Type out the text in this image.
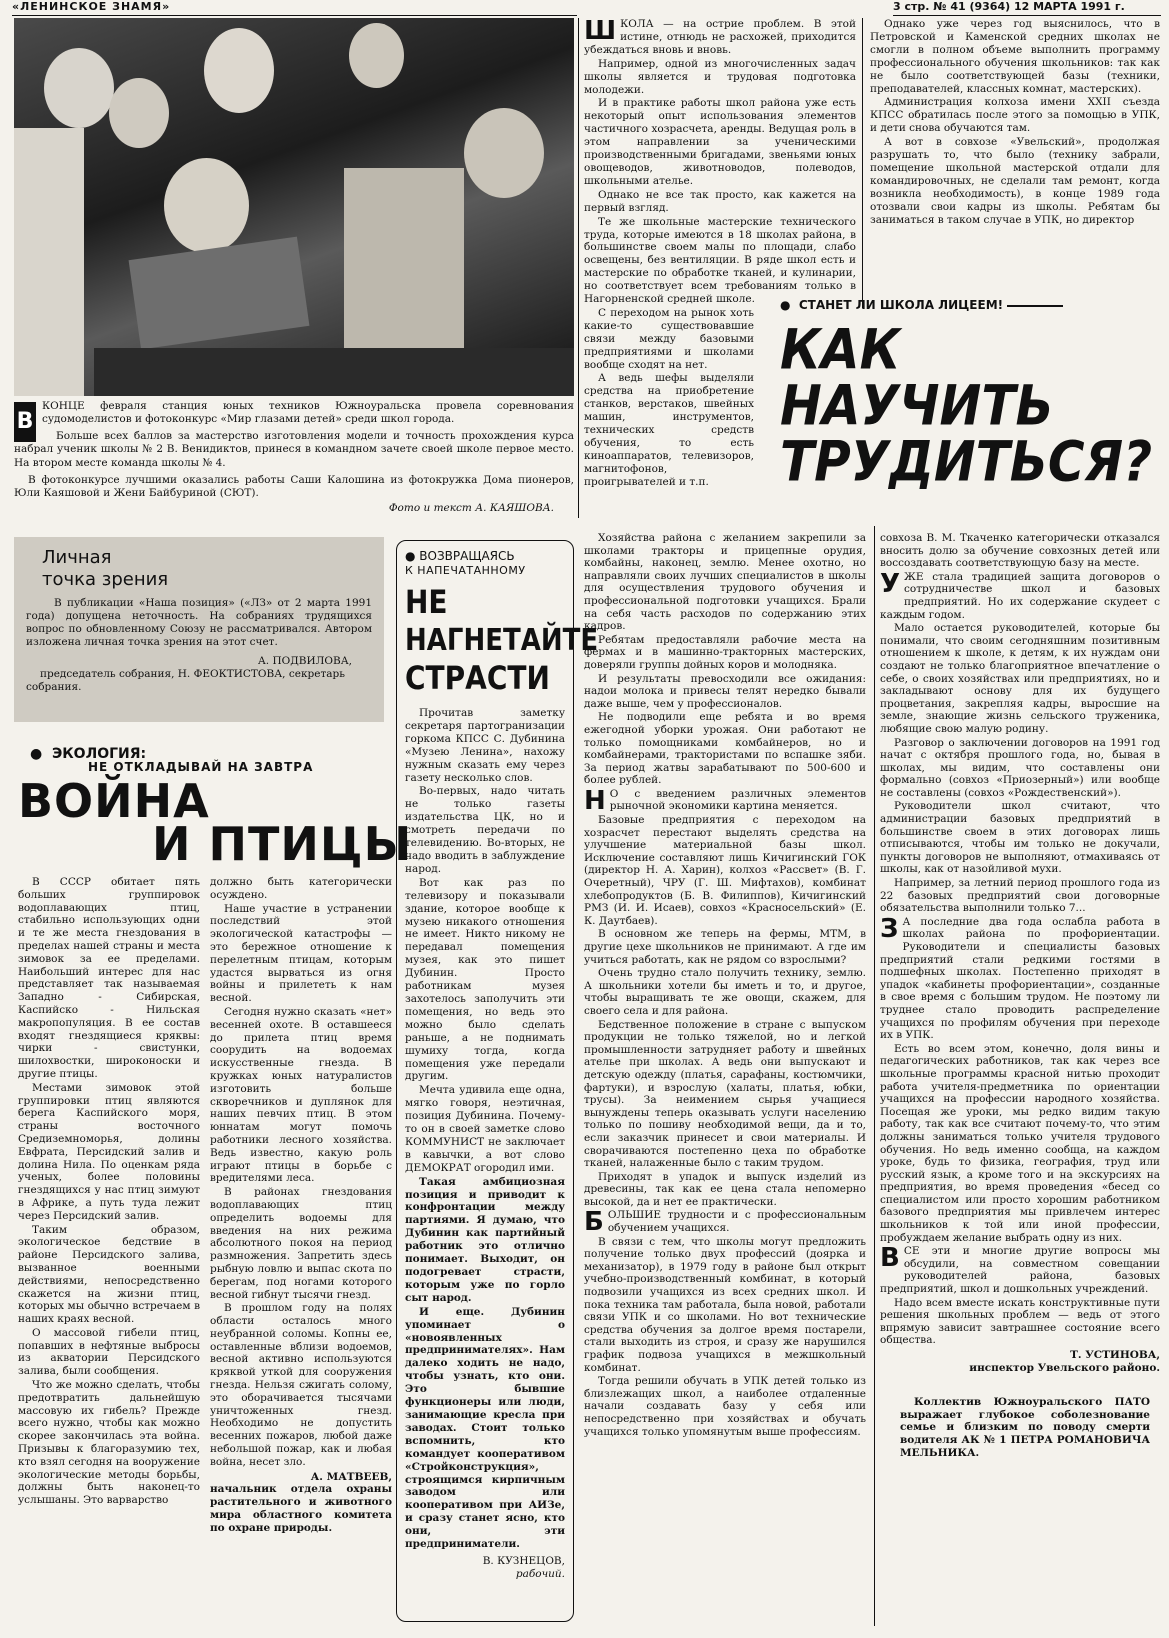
«ЛЕНИНСКОЕ ЗНАМЯ»	3 стр. № 41 (9364) 12 МАРТА 1991 г.
В
КОНЦЕ февраля станция юных техников Южноуральска провела соревнования судомоделистов и фотоконкурс «Мир глазами детей» среди школ города.
Больше всех баллов за мастерство изготовления модели и точность прохождения курса набрал ученик школы № 2 В. Венидиктов, принеся в командном зачете своей школе первое место. На втором месте команда школы № 4.
В фотоконкурсе лучшими оказались работы Саши Калошина из фотокружка Дома пионеров, Юли Каяшовой и Жени Байбуриной (СЮТ).
Фото и текст А. КАЯШОВА.

ШКОЛА — на острие проблем. В этой истине, отнюдь не расхожей, приходится убеждаться вновь и вновь.

Например, одной из многочисленных задач школы является и трудовая подготовка молодежи.

И в практике работы школ района уже есть некоторый опыт использования элементов частичного хозрасчета, аренды. Ведущая роль в этом направлении за ученическими производственными бригадами, звеньями юных овощеводов, животноводов, полеводов, школьными ателье.

Однако не все так просто, как кажется на первый взгляд.

Те же школьные мастерские технического труда, которые имеются в 18 школах района, в большинстве своем малы по площади, слабо освещены, без вентиляции. В ряде школ есть и мастерские по обработке тканей, и кулинарии, но соответствует всем требованиям только в Нагорненской средней школе.

С переходом на рынок хоть какие-то существовавшие связи между базовыми предприятиями и школами вообще сходят на нет.

А ведь шефы выделяли средства на приобретение станков, верстаков, швейных машин, инструментов, технических средств обучения, то есть киноаппаратов, телевизоров, магнитофонов, проигрывателей и т.п.

Однако уже через год выяснилось, что в Петровской и Каменской средних школах не смогли в полном объеме выполнить программу профессионального обучения школьников: так как не было соответствующей базы (техники, преподавателей, классных комнат, мастерских).

Администрация колхоза имени XXII съезда КПСС обратилась после этого за помощью в УПК, и дети снова обучаются там.

А вот в совхозе «Увельский», продолжая разрушать то, что было (технику забрали, помещение школьной мастерской отдали для командировочных, не сделали там ремонт, когда возникла необходимость), в конце 1989 года отозвали свои кадры из школы. Ребятам бы заниматься в таком случае в УПК, но директор

●  СТАНЕТ ЛИ ШКОЛА ЛИЦЕЕМ!
КАК
НАУЧИТЬ
ТРУДИТЬСЯ?
Личная
точка зрения
В публикации «Наша позиция» («ЛЗ» от 2 марта 1991 года) допущена неточность. На собраниях трудящихся вопрос по обновленному Союзу не рассматривался. Автором изложена личная точка зрения на этот счет.
А. ПОДВИЛОВА,
председатель собрания, Н. ФЕОКТИСТОВА, секретарь собрания.
●  ЭКОЛОГИЯ:
НЕ ОТКЛАДЫВАЙ НА ЗАВТРА
ВОЙНА
И ПТИЦЫ

В СССР обитает пять больших группировок водоплавающих птиц, стабильно использующих одни и те же места гнездования в пределах нашей страны и места зимовок за ее пределами. Наибольший интерес для нас представляет так называемая Западно - Сибирская, Каспийско - Нильская макропопуляция. В ее состав входят гнездящиеся кряквы: чирки - свистунки, шилохвостки, широконоски и другие птицы.

Местами зимовок этой группировки птиц являются берега Каспийского моря, страны восточного Средиземноморья, долины Евфрата, Персидский залив и долина Нила. По оценкам ряда ученых, более половины гнездящихся у нас птиц зимуют в Африке, а путь туда лежит через Персидский залив.

Таким образом, экологическое бедствие в районе Персидского залива, вызванное военными действиями, непосредственно скажется на жизни птиц, которых мы обычно встречаем в наших краях весной.

О массовой гибели птиц, попавших в нефтяные выбросы из акватории Персидского залива, были сообщения.

Что же можно сделать, чтобы предотвратить дальнейшую массовую их гибель? Прежде всего нужно, чтобы как можно скорее закончилась эта война. Призывы к благоразумию тех, кто взял сегодня на вооружение экологические методы борьбы, должны быть наконец-то услышаны. Это варварство

должно быть категорически осуждено.

Наше участие в устранении последствий этой экологической катастрофы — это бережное отношение к перелетным птицам, которым удастся вырваться из огня войны и прилететь к нам весной.

Сегодня нужно сказать «нет» весенней охоте. В оставшееся до прилета птиц время соорудить на водоемах искусственные гнезда. В кружках юных натуралистов изготовить больше скворечников и дуплянок для наших певчих птиц. В этом юннатам могут помочь работники лесного хозяйства. Ведь известно, какую роль играют птицы в борьбе с вредителями леса.

В районах гнездования водоплавающих птиц определить водоемы для введения на них режима абсолютного покоя на период размножения. Запретить здесь рыбную ловлю и выпас скота по берегам, под ногами которого весной гибнут тысячи гнезд.

В прошлом году на полях области осталось много неубранной соломы. Копны ее, оставленные вблизи водоемов, весной активно используются кряквой уткой для сооружения гнезда. Нельзя сжигать солому, это оборачивается тысячами уничтоженных гнезд. Необходимо не допустить весенних пожаров, любой даже небольшой пожар, как и любая война, несет зло.

А. МАТВЕЕВ,
начальник отдела охраны растительного и животного мира областного комитета по охране природы.
● ВОЗВРАЩАЯСЬ
К НАПЕЧАТАННОМУ
НЕ
НАГНЕТАЙТЕ
СТРАСТИ

Прочитав заметку секретаря партогранизации горкома КПСС С. Дубинина «Музею Ленина», нахожу нужным сказать ему через газету несколько слов.

Во-первых, надо читать не только газеты издательства ЦК, но и смотреть передачи по телевидению. Во-вторых, не надо вводить в заблуждение народ.

Вот как раз по телевизору и показывали здание, которое вообще к музею никакого отношения не имеет. Никто никому не передавал помещения музея, как это пишет Дубинин. Просто работникам музея захотелось заполучить эти помещения, но ведь это можно было сделать раньше, а не поднимать шумиху тогда, когда помещения уже передали другим.

Мечта удивила еще одна, мягко говоря, неэтичная, позиция Дубинина. Почему-то он в своей заметке слово КОММУНИСТ не заключает в кавычки, а вот слово ДЕМОКРАТ огородил ими.

Такая амбициозная позиция и приводит к конфронтации между партиями. Я думаю, что Дубинин как партийный работник это отлично понимает. Выходит, он подогревает страсти, которым уже по горло сыт народ.

И еще. Дубинин упоминает о «новоявленных предпринимателях». Нам далеко ходить не надо, чтобы узнать, кто они. Это бывшие функционеры или люди, занимающие кресла при заводах. Стоит только вспомнить, кто командует кооперативом «Стройконструкция», строящимся кирпичным заводом или кооперативом при АИЗе, и сразу станет ясно, кто они, эти предприниматели.

В. КУЗНЕЦОВ,
рабочий.

Хозяйства района с желанием закрепили за школами тракторы и прицепные орудия, комбайны, наконец, землю. Менее охотно, но направляли своих лучших специалистов в школы для осуществления трудового обучения и профессиональной подготовки учащихся. Брали на себя часть расходов по содержанию этих кадров.

Ребятам предоставляли рабочие места на фермах и в машинно-тракторных мастерских, доверяли группы дойных коров и молодняка.

И результаты превосходили все ожидания: надои молока и привесы телят нередко бывали даже выше, чем у профессионалов.

Не подводили еще ребята и во время ежегодной уборки урожая. Они работают не только помощниками комбайнеров, но и комбайнерами, трактористами по вспашке зяби. За период жатвы зарабатывают по 500-600 и более рублей.

Н О с введением различных элементов рыночной экономики картина меняется.

Базовые предприятия с переходом на хозрасчет перестают выделять средства на улучшение материальной базы школ. Исключение составляют лишь Кичигинский ГОК (директор Н. А. Харин), колхоз «Рассвет» (В. Г. Очеретный), ЧРУ (Г. Ш. Мифтахов), комбинат хлебопродуктов (Б. В. Филиппов), Кичигинский РМЗ (И. И. Исаев), совхоз «Красносельский» (Е. К. Даутбаев).

В основном же теперь на фермы, МТМ, в другие цехе школьников не принимают. А где им учиться работать, как не рядом со взрослыми?

Очень трудно стало получить технику, землю. А школьники хотели бы иметь и то, и другое, чтобы выращивать те же овощи, скажем, для своего села и для района.

Бедственное положение в стране с выпуском продукции не только тяжелой, но и легкой промышленности затрудняет работу и швейных ателье при школах. А ведь они выпускают и детскую одежду (платья, сарафаны, костюмчики, фартуки), и взрослую (халаты, платья, юбки, трусы). За неимением сырья учащиеся вынуждены теперь оказывать услуги населению только по пошиву необходимой вещи, да и то, если заказчик принесет и свои материалы. И сворачиваются постепенно цеха по обработке тканей, налаженные было с таким трудом.

Приходят в упадок и выпуск изделий из древесины, так как ее цена стала непомерно высокой, да и нет ее практически.

БОЛЬШИЕ трудности и с профессиональным обучением учащихся.

В связи с тем, что школы могут предложить получение только двух профессий (доярка и механизатор), в 1979 году в районе был открыт учебно-производственный комбинат, в который подвозили учащихся из всех средних школ. И пока техника там работала, была новой, работали связи УПК и со школами. Но вот технические средства обучения за долгое время постарели, стали выходить из строя, и сразу же нарушился график подвоза учащихся в межшкольный комбинат.

Тогда решили обучать в УПК детей только из близлежащих школ, а наиболее отдаленные начали создавать базу у себя или непосредственно при хозяйствах и обучать учащихся только упомянутым выше профессиям.

совхоза В. М. Ткаченко категорически отказался вносить долю за обучение совхозных детей или воссоздавать соответствующую базу на месте.

УЖЕ стала традицией защита договоров о сотрудничестве школ и базовых предприятий. Но их содержание скудеет с каждым годом.

Мало остается руководителей, которые бы понимали, что своим сегодняшним позитивным отношением к школе, к детям, к их нуждам они создают не только благоприятное впечатление о себе, о своих хозяйствах или предприятиях, но и закладывают основу для их будущего процветания, закрепляя кадры, выросшие на земле, знающие жизнь сельского труженика, любящие свою малую родину.

Разговор о заключении договоров на 1991 год начат с октября прошлого года, но, бывая в школах, мы видим, что составлены они формально (совхоз «Приозерный») или вообще не составлены (совхоз «Рождественский»).

Руководители школ считают, что администрации базовых предприятий в большинстве своем в этих договорах лишь отписываются, чтобы им только не докучали, пункты договоров не выполняют, отмахиваясь от школы, как от назойливой мухи.

Например, за летний период прошлого года из 22 базовых предприятий свои договорные обязательства выполнили только 7...

З А последние два года ослабла работа в школах района по профориентации. Руководители и специалисты базовых предприятий стали редкими гостями в подшефных школах. Постепенно приходят в упадок «кабинеты профориентации», созданные в свое время с большим трудом. Не поэтому ли труднее стало проводить распределение учащихся по профилям обучения при переходе их в УПК.

Есть во всем этом, конечно, доля вины и педагогических работников, так как через все школьные программы красной нитью проходит работа учителя-предметника по ориентации учащихся на профессии народного хозяйства. Посещая же уроки, мы редко видим такую работу, так как все считают почему-то, что этим должны заниматься только учителя трудового обучения. Но ведь именно сообща, на каждом уроке, будь то физика, география, труд или русский язык, а кроме того и на экскурсиях на предприятия, во время проведения «бесед со специалистом или просто хорошим работником базового предприятия мы привлечем интерес школьников к той или иной профессии, пробуждаем желание выбрать одну из них.

ВСЕ эти и многие другие вопросы мы обсудили, на совместном совещании руководителей района, базовых предприятий, школ и дошкольных учреждений.

Надо всем вместе искать конструктивные пути решения школьных проблем — ведь от этого впрямую зависит завтрашнее состояние всего общества.

Т. УСТИНОВА,
инспектор Увельского районо.
Коллектив Южноуральского ПАТО выражает глубокое соболезнование семье и близким по поводу смерти водителя АК № 1 ПЕТРА РОМАНОВИЧА МЕЛЬНИКА.
